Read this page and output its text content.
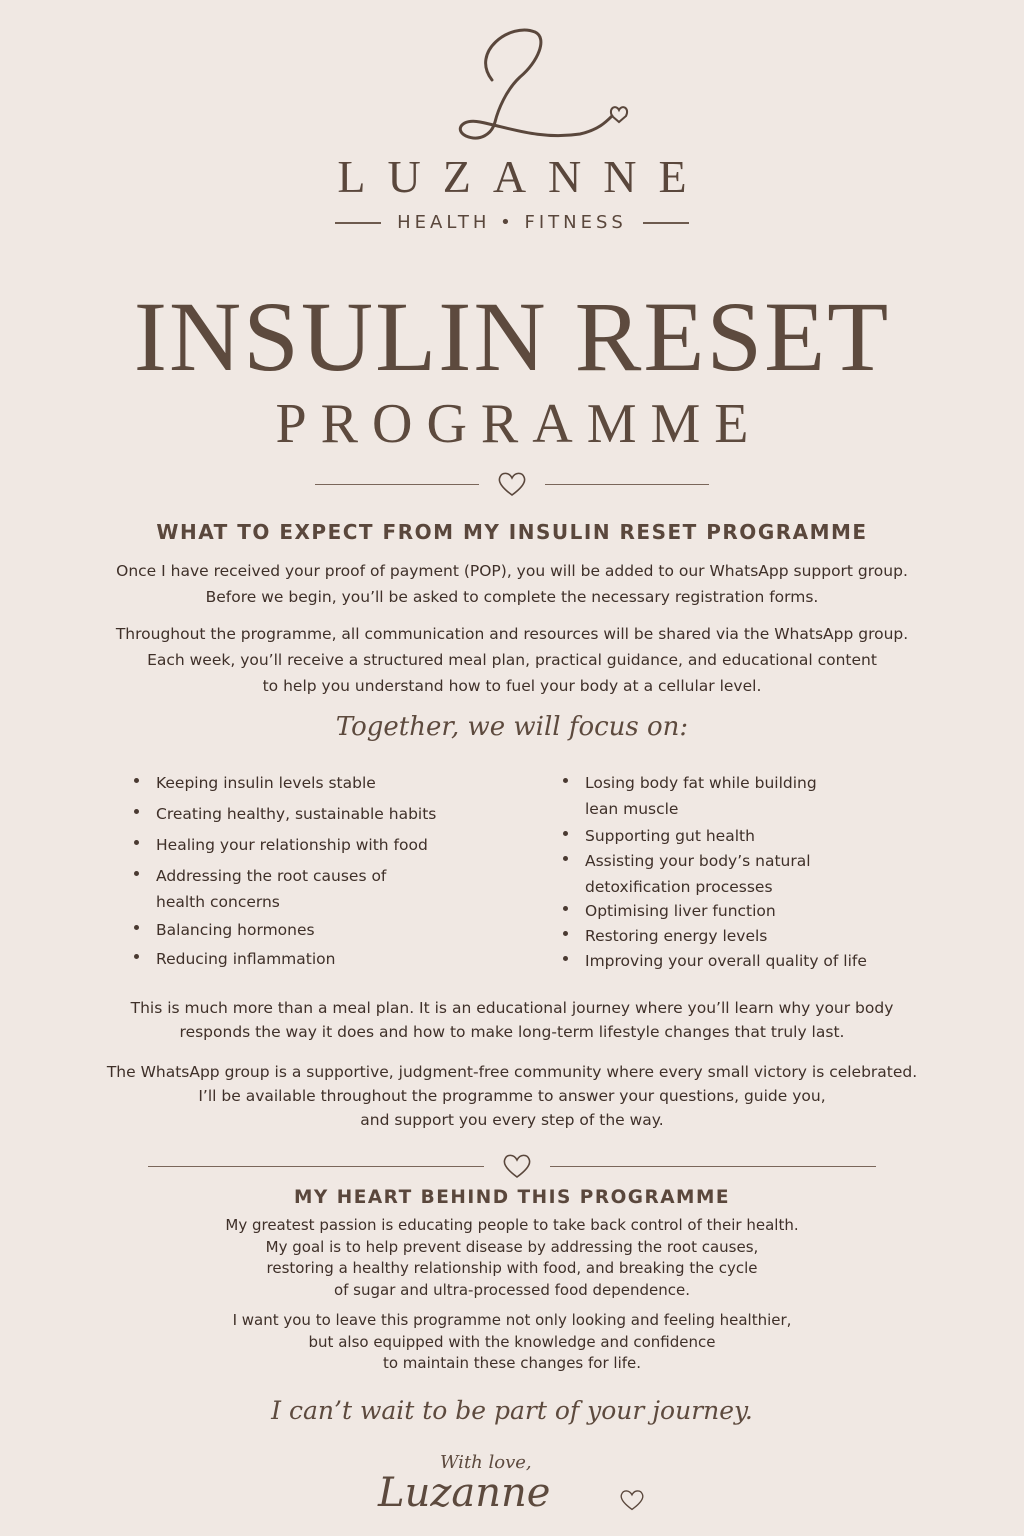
LUZANNE
HEALTH • FITNESS
INSULIN RESET
PROGRAMME
WHAT TO EXPECT FROM MY INSULIN RESET PROGRAMME
Once I have received your proof of payment (POP), you will be added to our WhatsApp support group.
Before we begin, you’ll be asked to complete the necessary registration forms.
Throughout the programme, all communication and resources will be shared via the WhatsApp group.
Each week, you’ll receive a structured meal plan, practical guidance, and educational content
to help you understand how to fuel your body at a cellular level.
Together, we will focus on:
Keeping insulin levels stable
Creating healthy, sustainable habits
Healing your relationship with food
Addressing the root causes of
health concerns
Balancing hormones
Reducing inflammation
Losing body fat while building
lean muscle
Supporting gut health
Assisting your body’s natural
detoxification processes
Optimising liver function
Restoring energy levels
Improving your overall quality of life
This is much more than a meal plan. It is an educational journey where you’ll learn why your body
responds the way it does and how to make long-term lifestyle changes that truly last.
The WhatsApp group is a supportive, judgment-free community where every small victory is celebrated.
I’ll be available throughout the programme to answer your questions, guide you,
and support you every step of the way.
MY HEART BEHIND THIS PROGRAMME
My greatest passion is educating people to take back control of their health.
My goal is to help prevent disease by addressing the root causes,
restoring a healthy relationship with food, and breaking the cycle
of sugar and ultra-processed food dependence.
I want you to leave this programme not only looking and feeling healthier,
but also equipped with the knowledge and confidence
to maintain these changes for life.
I can’t wait to be part of your journey.
With love,
Luzanne
